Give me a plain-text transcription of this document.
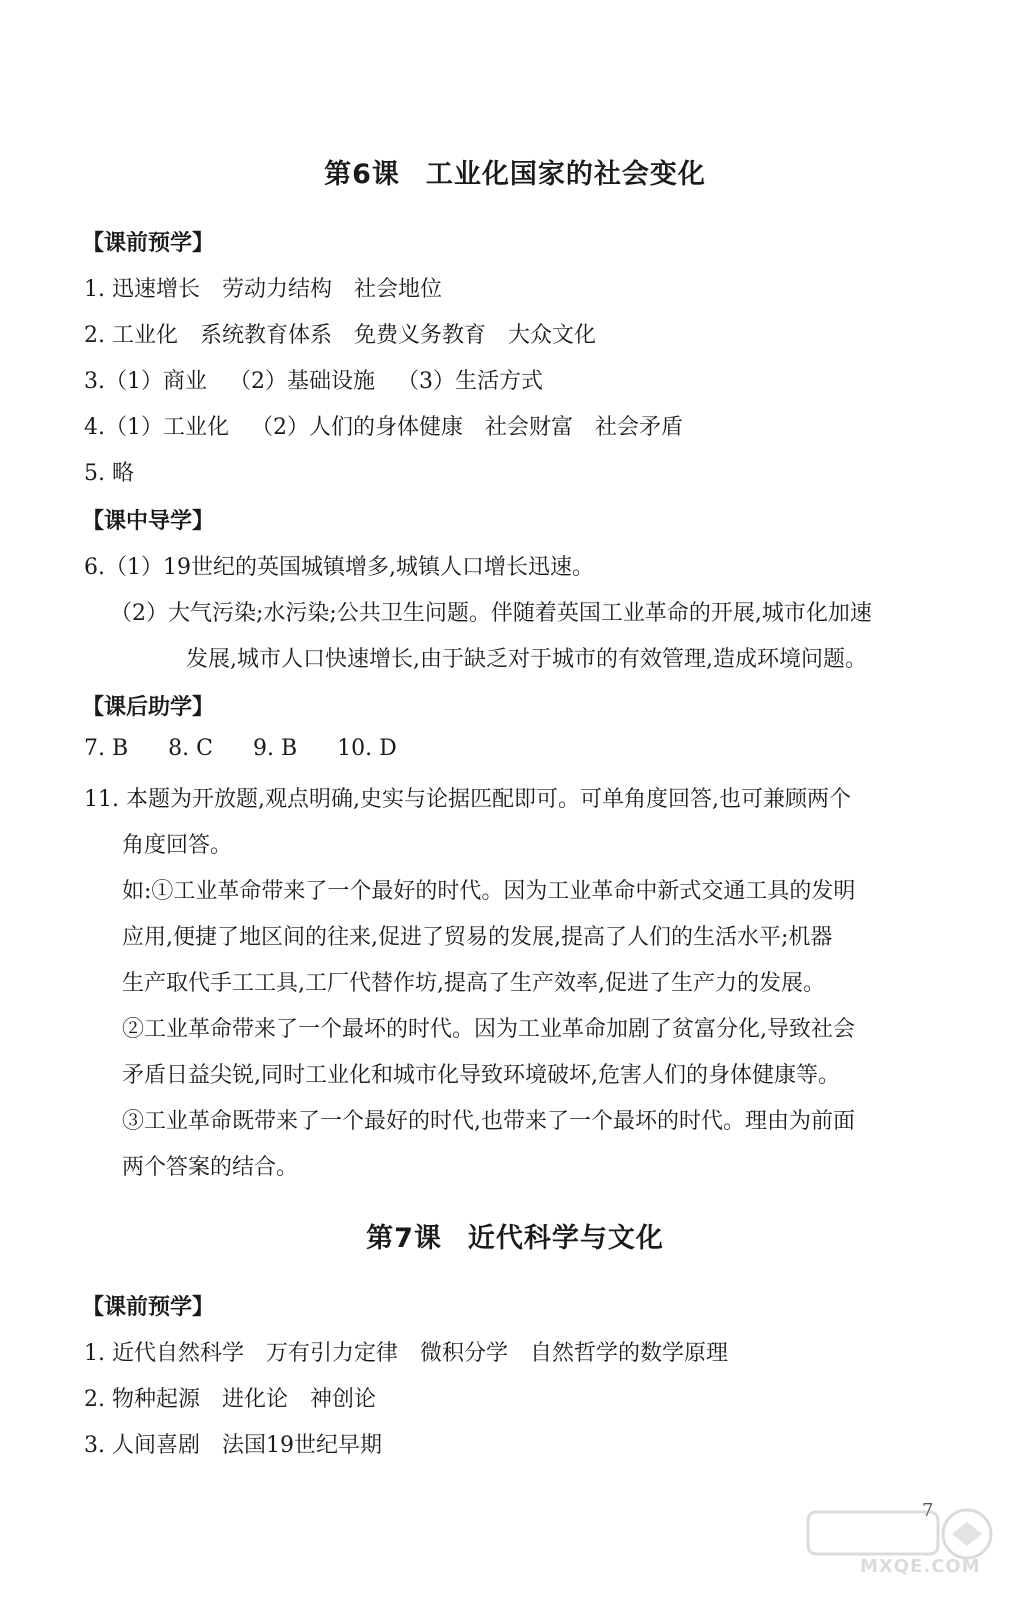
第6课 工业化国家的社会变化
【课前预学】
1. 迅速增长 劳动力结构 社会地位
2. 工业化 系统教育体系 免费义务教育 大众文化
3.（1）商业 （2）基础设施 （3）生活方式
4.（1）工业化 （2）人们的身体健康 社会财富 社会矛盾
5. 略
【课中导学】
6.（1）19世纪的英国城镇增多,城镇人口增长迅速。
（2）大气污染;水污染;公共卫生问题。伴随着英国工业革命的开展,城市化加速
发展,城市人口快速增长,由于缺乏对于城市的有效管理,造成环境问题。
【课后助学】
7. B 8. C 9. B 10. D
11. 本题为开放题,观点明确,史实与论据匹配即可。可单角度回答,也可兼顾两个
角度回答。
如:①工业革命带来了一个最好的时代。因为工业革命中新式交通工具的发明
应用,便捷了地区间的往来,促进了贸易的发展,提高了人们的生活水平;机器
生产取代手工工具,工厂代替作坊,提高了生产效率,促进了生产力的发展。
②工业革命带来了一个最坏的时代。因为工业革命加剧了贫富分化,导致社会
矛盾日益尖锐,同时工业化和城市化导致环境破坏,危害人们的身体健康等。
③工业革命既带来了一个最好的时代,也带来了一个最坏的时代。理由为前面
两个答案的结合。
第7课 近代科学与文化
【课前预学】
1. 近代自然科学 万有引力定律 微积分学 自然哲学的数学原理
2. 物种起源 进化论 神创论
3. 人间喜剧 法国19世纪早期
7
MXQE.COM
